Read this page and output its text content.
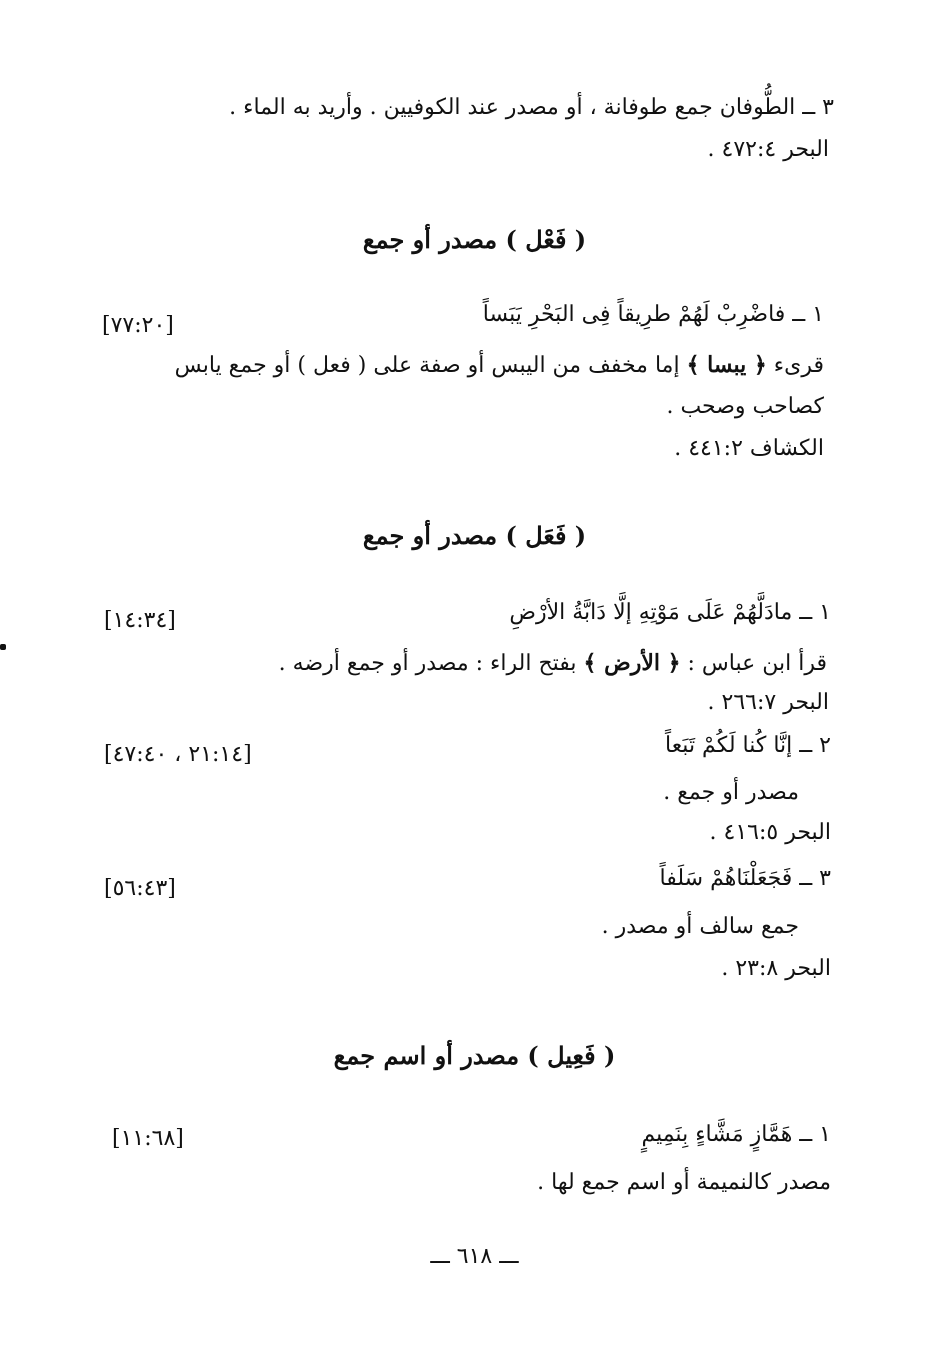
٣ ــ الطُّوفان جمع طوفانة ، أو مصدر عند الكوفيين . وأريد به الماء .
البحر ٤٧٢:٤ .
( فَعْل ) مصدر أو جمع
١ ــ فاضْرِبْ لَهُمْ طرِيقاً فِى البَحْرِ يَبَساً
[٧٧:٢٠]
قرىء ﴿ يبسا ﴾ إما مخفف من اليبس أو صفة على ( فعل ) أو جمع يابس
كصاحب وصحب .
الكشاف ٤٤١:٢ .
( فَعَل ) مصدر أو جمع
١ ــ مادَلَّهُمْ عَلَى مَوْتِهِ إلَّا دَابَّةُ الأرْضِ
[١٤:٣٤]
قرأ ابن عباس : ﴿ الأرض ﴾ بفتح الراء : مصدر أو جمع أرضه .
البحر ٢٦٦:٧ .
٢ ــ إنَّا كُنا لَكُمْ تَبَعاً
[٢١:١٤ ، ٤٧:٤٠]
مصدر أو جمع .
البحر ٤١٦:٥ .
٣ ــ فَجَعَلْنَاهُمْ سَلَفاً
[٥٦:٤٣]
جمع سالف أو مصدر .
البحر ٢٣:٨ .
( فَعِيل ) مصدر أو اسم جمع
١ ــ هَمَّازٍ مَشَّاءٍ بِنَمِيمٍ
[١١:٦٨]
مصدر كالنميمة أو اسم جمع لها .
ـــ ٦١٨ ـــ
